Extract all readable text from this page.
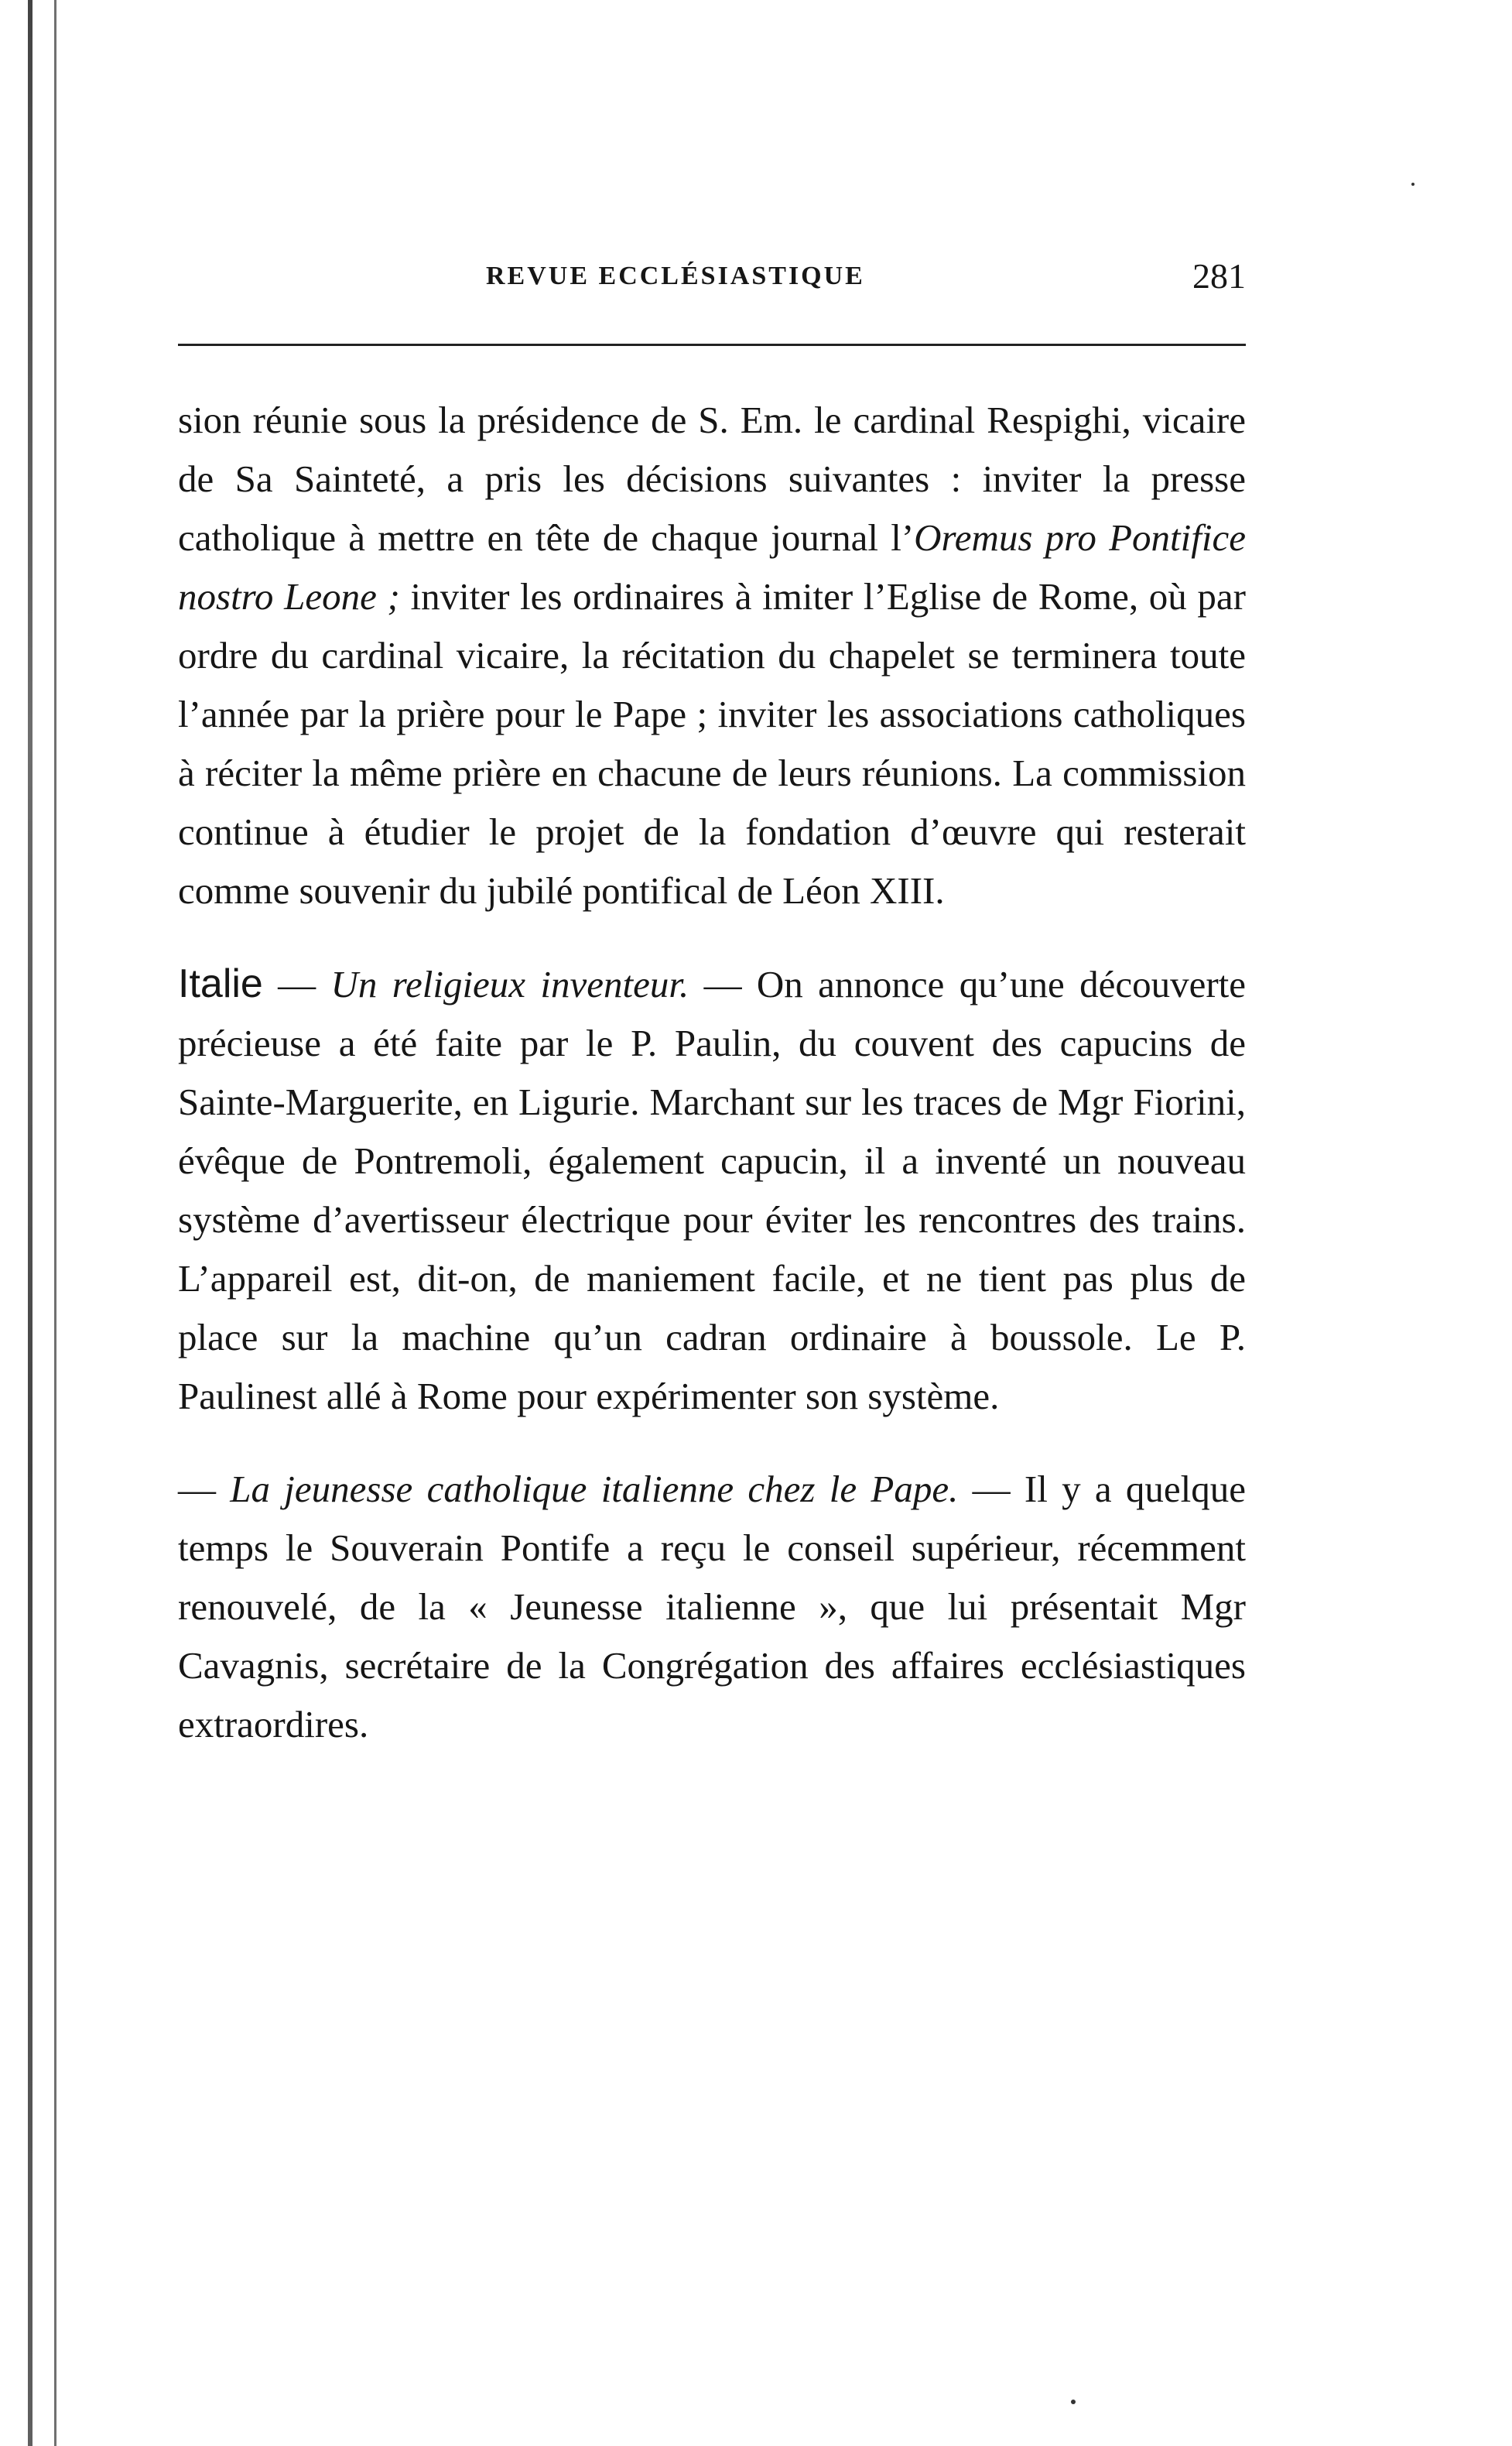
REVUE ECCLÉSIASTIQUE	281

sion réunie sous la présidence de S. Em. le cardinal Respighi, vicaire de Sa Sainteté, a pris les décisions suivantes : inviter la presse catholique à mettre en tête de chaque journal l’Oremus pro Pontifice nostro Leone ; inviter les ordinaires à imiter l’Eglise de Rome, où par ordre du cardinal vicaire, la récitation du chapelet se terminera toute l’année par la prière pour le Pape ; inviter les associations catholiques à réciter la même prière en chacune de leurs réunions. La commission continue à étudier le projet de la fondation d’œuvre qui resterait comme souvenir du jubilé pontifical de Léon XIII.

Italie — Un religieux inventeur. — On annonce qu’une découverte précieuse a été faite par le P. Paulin, du couvent des capucins de Sainte-Marguerite, en Ligurie. Marchant sur les traces de Mgr Fiorini, évêque de Pontremoli, également capucin, il a inventé un nouveau système d’avertisseur électrique pour éviter les rencontres des trains. L’appareil est, dit-on, de maniement facile, et ne tient pas plus de place sur la machine qu’un cadran ordinaire à boussole. Le P. Paulinest allé à Rome pour expérimenter son système.

— La jeunesse catholique italienne chez le Pape. — Il y a quelque temps le Souverain Pontife a reçu le conseil supérieur, récemment renouvelé, de la « Jeunesse italienne », que lui présentait Mgr Cavagnis, secrétaire de la Congrégation des affaires ecclésiastiques extraordires.
